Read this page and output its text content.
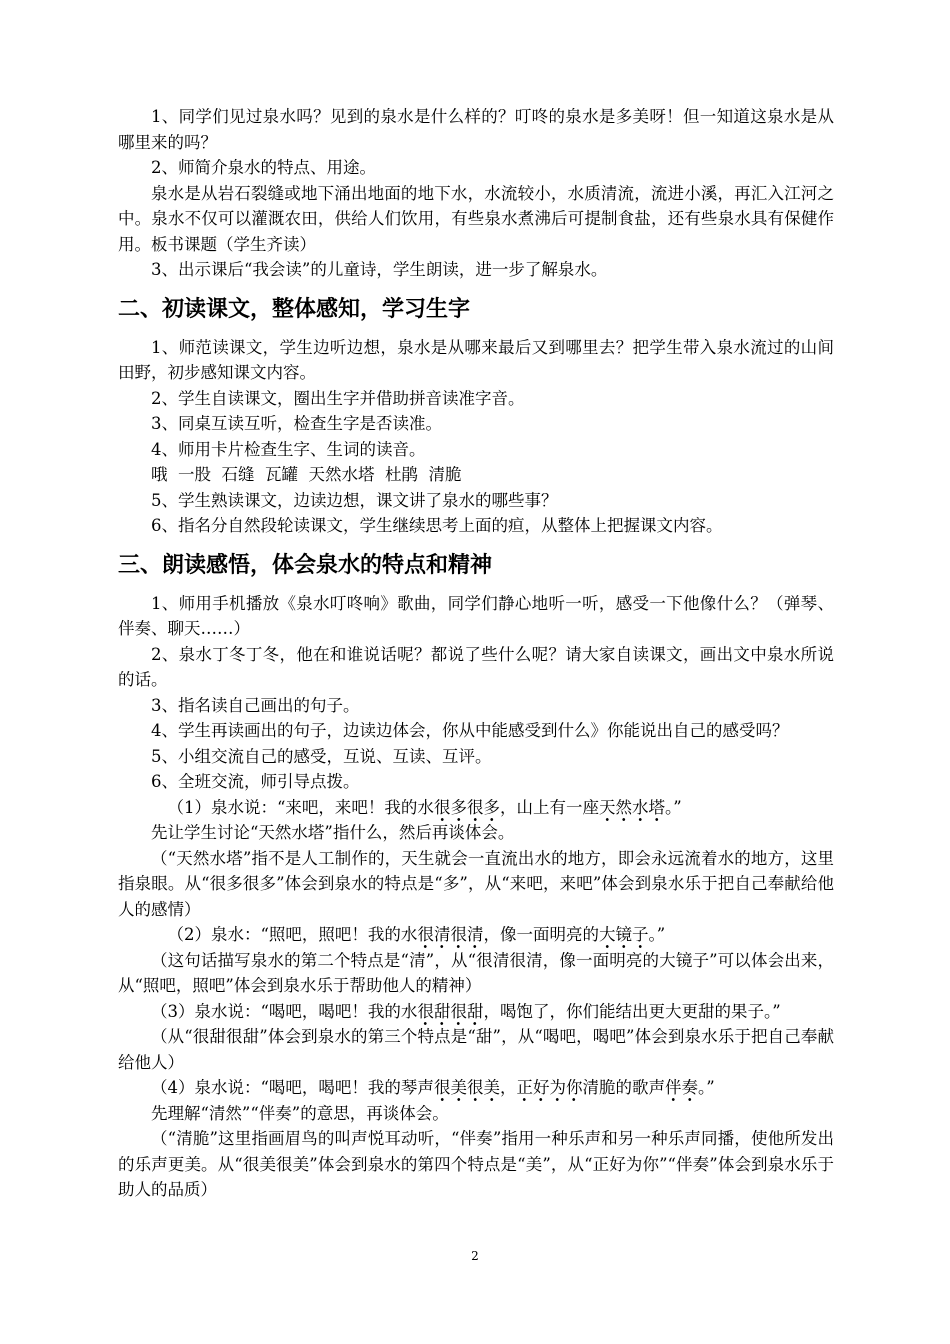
1、同学们见过泉水吗？见到的泉水是什么样的？叮咚的泉水是多美呀！但一知道这泉水是从哪里来的吗？

2、师简介泉水的特点、用途。

泉水是从岩石裂缝或地下涌出地面的地下水，水流较小，水质清流，流进小溪，再汇入江河之中。泉水不仅可以灌溉农田，供给人们饮用，有些泉水煮沸后可提制食盐，还有些泉水具有保健作用。板书课题（学生齐读）

3、出示课后“我会读”的儿童诗，学生朗读，进一步了解泉水。

二、初读课文，整体感知，学习生字

1、师范读课文，学生边听边想，泉水是从哪来最后又到哪里去？把学生带入泉水流过的山间田野，初步感知课文内容。

2、学生自读课文，圈出生字并借助拼音读准字音。

3、同桌互读互听，检查生字是否读准。

4、师用卡片检查生字、生词的读音。

哦  一股  石缝  瓦罐  天然水塔  杜鹃  清脆

5、学生熟读课文，边读边想，课文讲了泉水的哪些事？

6、指名分自然段轮读课文，学生继续思考上面的疸，从整体上把握课文内容。

三、朗读感悟，体会泉水的特点和精神

1、师用手机播放《泉水叮咚响》歌曲，同学们静心地听一听，感受一下他像什么？（弹琴、伴奏、聊天……）

2、泉水丁冬丁冬，他在和谁说话呢？都说了些什么呢？请大家自读课文，画出文中泉水所说的话。

3、指名读自己画出的句子。

4、学生再读画出的句子，边读边体会，你从中能感受到什么》你能说出自己的感受吗？

5、小组交流自己的感受，互说、互读、互评。

6、全班交流，师引导点拨。

（1）泉水说：“来吧，来吧！我的水很多很多，山上有一座天然水塔。”

先让学生讨论“天然水塔”指什么，然后再谈体会。

（“天然水塔”指不是人工制作的，天生就会一直流出水的地方，即会永远流着水的地方，这里指泉眼。从“很多很多”体会到泉水的特点是“多”，从“来吧，来吧”体会到泉水乐于把自己奉献给他人的感情）

（2）泉水：“照吧，照吧！我的水很清很清，像一面明亮的大镜子。”

（这句话描写泉水的第二个特点是“清”，从“很清很清，像一面明亮的大镜子”可以体会出来，从“照吧，照吧”体会到泉水乐于帮助他人的精神）

（3）泉水说：“喝吧，喝吧！我的水很甜很甜，喝饱了，你们能结出更大更甜的果子。”

（从“很甜很甜”体会到泉水的第三个特点是“甜”，从“喝吧，喝吧”体会到泉水乐于把自己奉献给他人）

（4）泉水说：“喝吧，喝吧！我的琴声很美很美，正好为你清脆的歌声伴奏。”

先理解“清然”“伴奏”的意思，再谈体会。

（“清脆”这里指画眉鸟的叫声悦耳动听，“伴奏”指用一种乐声和另一种乐声同播，使他所发出的乐声更美。从“很美很美”体会到泉水的第四个特点是“美”，从“正好为你”“伴奏”体会到泉水乐于助人的品质）

2
